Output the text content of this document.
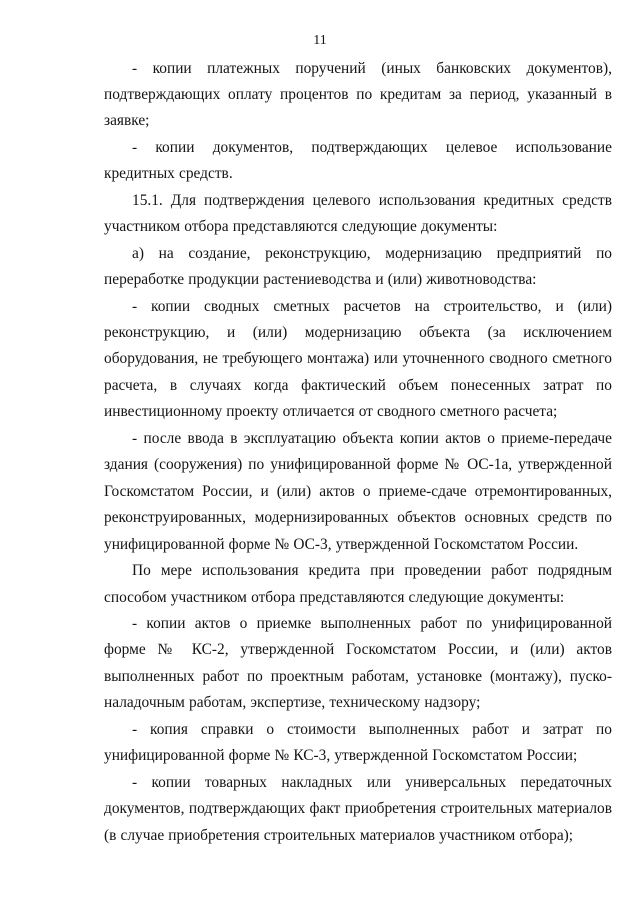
11

- копии платежных поручений (иных банковских документов), подтверждающих оплату процентов по кредитам за период, указанный в заявке;

- копии документов, подтверждающих целевое использование кредитных средств.

15.1. Для подтверждения целевого использования кредитных средств участником отбора представляются следующие документы:

а) на создание, реконструкцию, модернизацию предприятий по переработке продукции растениеводства и (или) животноводства:

- копии сводных сметных расчетов на строительство, и (или) реконструкцию, и (или) модернизацию объекта (за исключением оборудования, не требующего монтажа) или уточненного сводного сметного расчета, в случаях когда фактический объем понесенных затрат по инвестиционному проекту отличается от сводного сметного расчета;

- после ввода в эксплуатацию объекта копии актов о приеме-передаче здания (сооружения) по унифицированной форме № ОС-1а, утвержденной Госкомстатом России, и (или) актов о приеме-сдаче отремонтированных, реконструированных, модернизированных объектов основных средств по унифицированной форме № ОС-3, утвержденной Госкомстатом России.

По мере использования кредита при проведении работ подрядным способом участником отбора представляются следующие документы:

- копии актов о приемке выполненных работ по унифицированной форме № КС-2, утвержденной Госкомстатом России, и (или) актов выполненных работ по проектным работам, установке (монтажу), пуско-наладочным работам, экспертизе, техническому надзору;

- копия справки о стоимости выполненных работ и затрат по унифицированной форме № КС-3, утвержденной Госкомстатом России;

- копии товарных накладных или универсальных передаточных документов, подтверждающих факт приобретения строительных материалов (в случае приобретения строительных материалов участником отбора);
